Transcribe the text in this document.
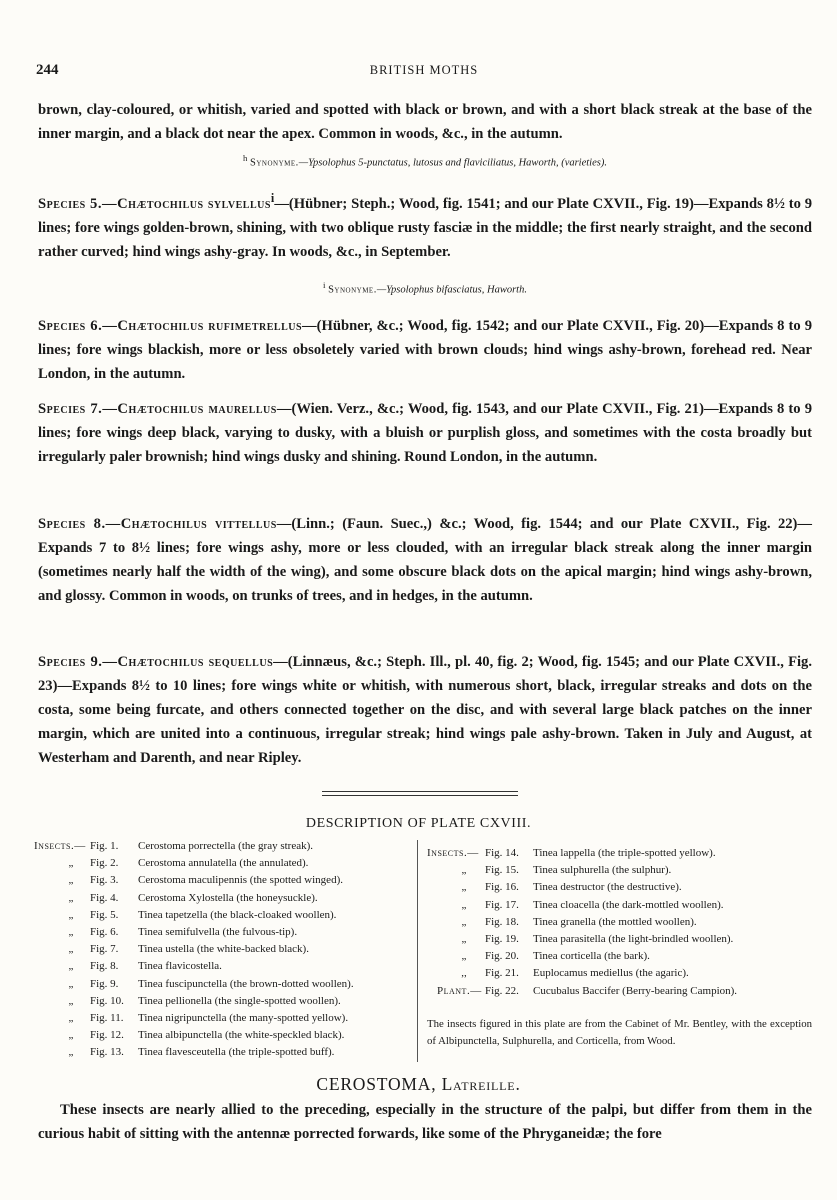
244	BRITISH MOTHS

brown, clay-coloured, or whitish, varied and spotted with black or brown, and with a short black streak at the base of the inner margin, and a black dot near the apex. Common in woods, &c., in the autumn.

$^h$ Synonyme.—Ypsolophus 5-punctatus, lutosus and flaviciliatus, Haworth, (varieties).

Species 5.—Chætochilus sylvellus$^i$—(Hübner; Steph.; Wood, fig. 1541; and our Plate CXVII., Fig. 19)—Expands 8½ to 9 lines; fore wings golden-brown, shining, with two oblique rusty fasciæ in the middle; the first nearly straight, and the second rather curved; hind wings ashy-gray. In woods, &c., in September.

$^i$ Synonyme.—Ypsolophus bifasciatus, Haworth.

Species 6.—Chætochilus rufimetrellus—(Hübner, &c.; Wood, fig. 1542; and our Plate CXVII., Fig. 20)—Expands 8 to 9 lines; fore wings blackish, more or less obsoletely varied with brown clouds; hind wings ashy-brown, forehead red. Near London, in the autumn.

Species 7.—Chætochilus maurellus—(Wien. Verz., &c.; Wood, fig. 1543, and our Plate CXVII., Fig. 21)—Expands 8 to 9 lines; fore wings deep black, varying to dusky, with a bluish or purplish gloss, and sometimes with the costa broadly but irregularly paler brownish; hind wings dusky and shining. Round London, in the autumn.

Species 8.—Chætochilus vittellus—(Linn.; (Faun. Suec.,) &c.; Wood, fig. 1544; and our Plate CXVII., Fig. 22)—Expands 7 to 8½ lines; fore wings ashy, more or less clouded, with an irregular black streak along the inner margin (sometimes nearly half the width of the wing), and some obscure black dots on the apical margin; hind wings ashy-brown, and glossy. Common in woods, on trunks of trees, and in hedges, in the autumn.

Species 9.—Chætochilus sequellus—(Linnæus, &c.; Steph. Ill., pl. 40, fig. 2; Wood, fig. 1545; and our Plate CXVII., Fig. 23)—Expands 8½ to 10 lines; fore wings white or whitish, with numerous short, black, irregular streaks and dots on the costa, some being furcate, and others connected together on the disc, and with several large black patches on the inner margin, which are united into a continuous, irregular streak; hind wings pale ashy-brown. Taken in July and August, at Westerham and Darenth, and near Ripley.

DESCRIPTION OF PLATE CXVIII.
Insects.— Fig. 1.	Cerostoma porrectella (the gray streak).
„	Fig. 2.	Cerostoma annulatella (the annulated).
„	Fig. 3.	Cerostoma maculipennis (the spotted winged).
„	Fig. 4.	Cerostoma Xylostella (the honeysuckle).
„	Fig. 5.	Tinea tapetzella (the black-cloaked woollen).
„	Fig. 6.	Tinea semifulvella (the fulvous-tip).
„	Fig. 7.	Tinea ustella (the white-backed black).
„	Fig. 8.	Tinea flavicostella.
„	Fig. 9.	Tinea fuscipunctella (the brown-dotted woollen).
„	Fig. 10.	Tinea pellionella (the single-spotted woollen).
„	Fig. 11.	Tinea nigripunctella (the many-spotted yellow).
„	Fig. 12.	Tinea albipunctella (the white-speckled black).
„	Fig. 13.	Tinea flavesceutella (the triple-spotted buff).
Insects.— Fig. 14.	Tinea lappella (the triple-spotted yellow).
„	Fig. 15.	Tinea sulphurella (the sulphur).
„	Fig. 16.	Tinea destructor (the destructive).
„	Fig. 17.	Tinea cloacella (the dark-mottled woollen).
„	Fig. 18.	Tinea granella (the mottled woollen).
„	Fig. 19.	Tinea parasitella (the light-brindled woollen).
„	Fig. 20.	Tinea corticella (the bark).
,,	Fig. 21.	Euplocamus mediellus (the agaric).
Plant.— Fig. 22.	Cucubalus Baccifer (Berry-bearing Campion).

The insects figured in this plate are from the Cabinet of Mr. Bentley, with the exception of Albipunctella, Sulphurella, and Corticella, from Wood.

CEROSTOMA, Latreille.

These insects are nearly allied to the preceding, especially in the structure of the palpi, but differ from them in the curious habit of sitting with the antennæ porrected forwards, like some of the Phryganeidæ; the fore
